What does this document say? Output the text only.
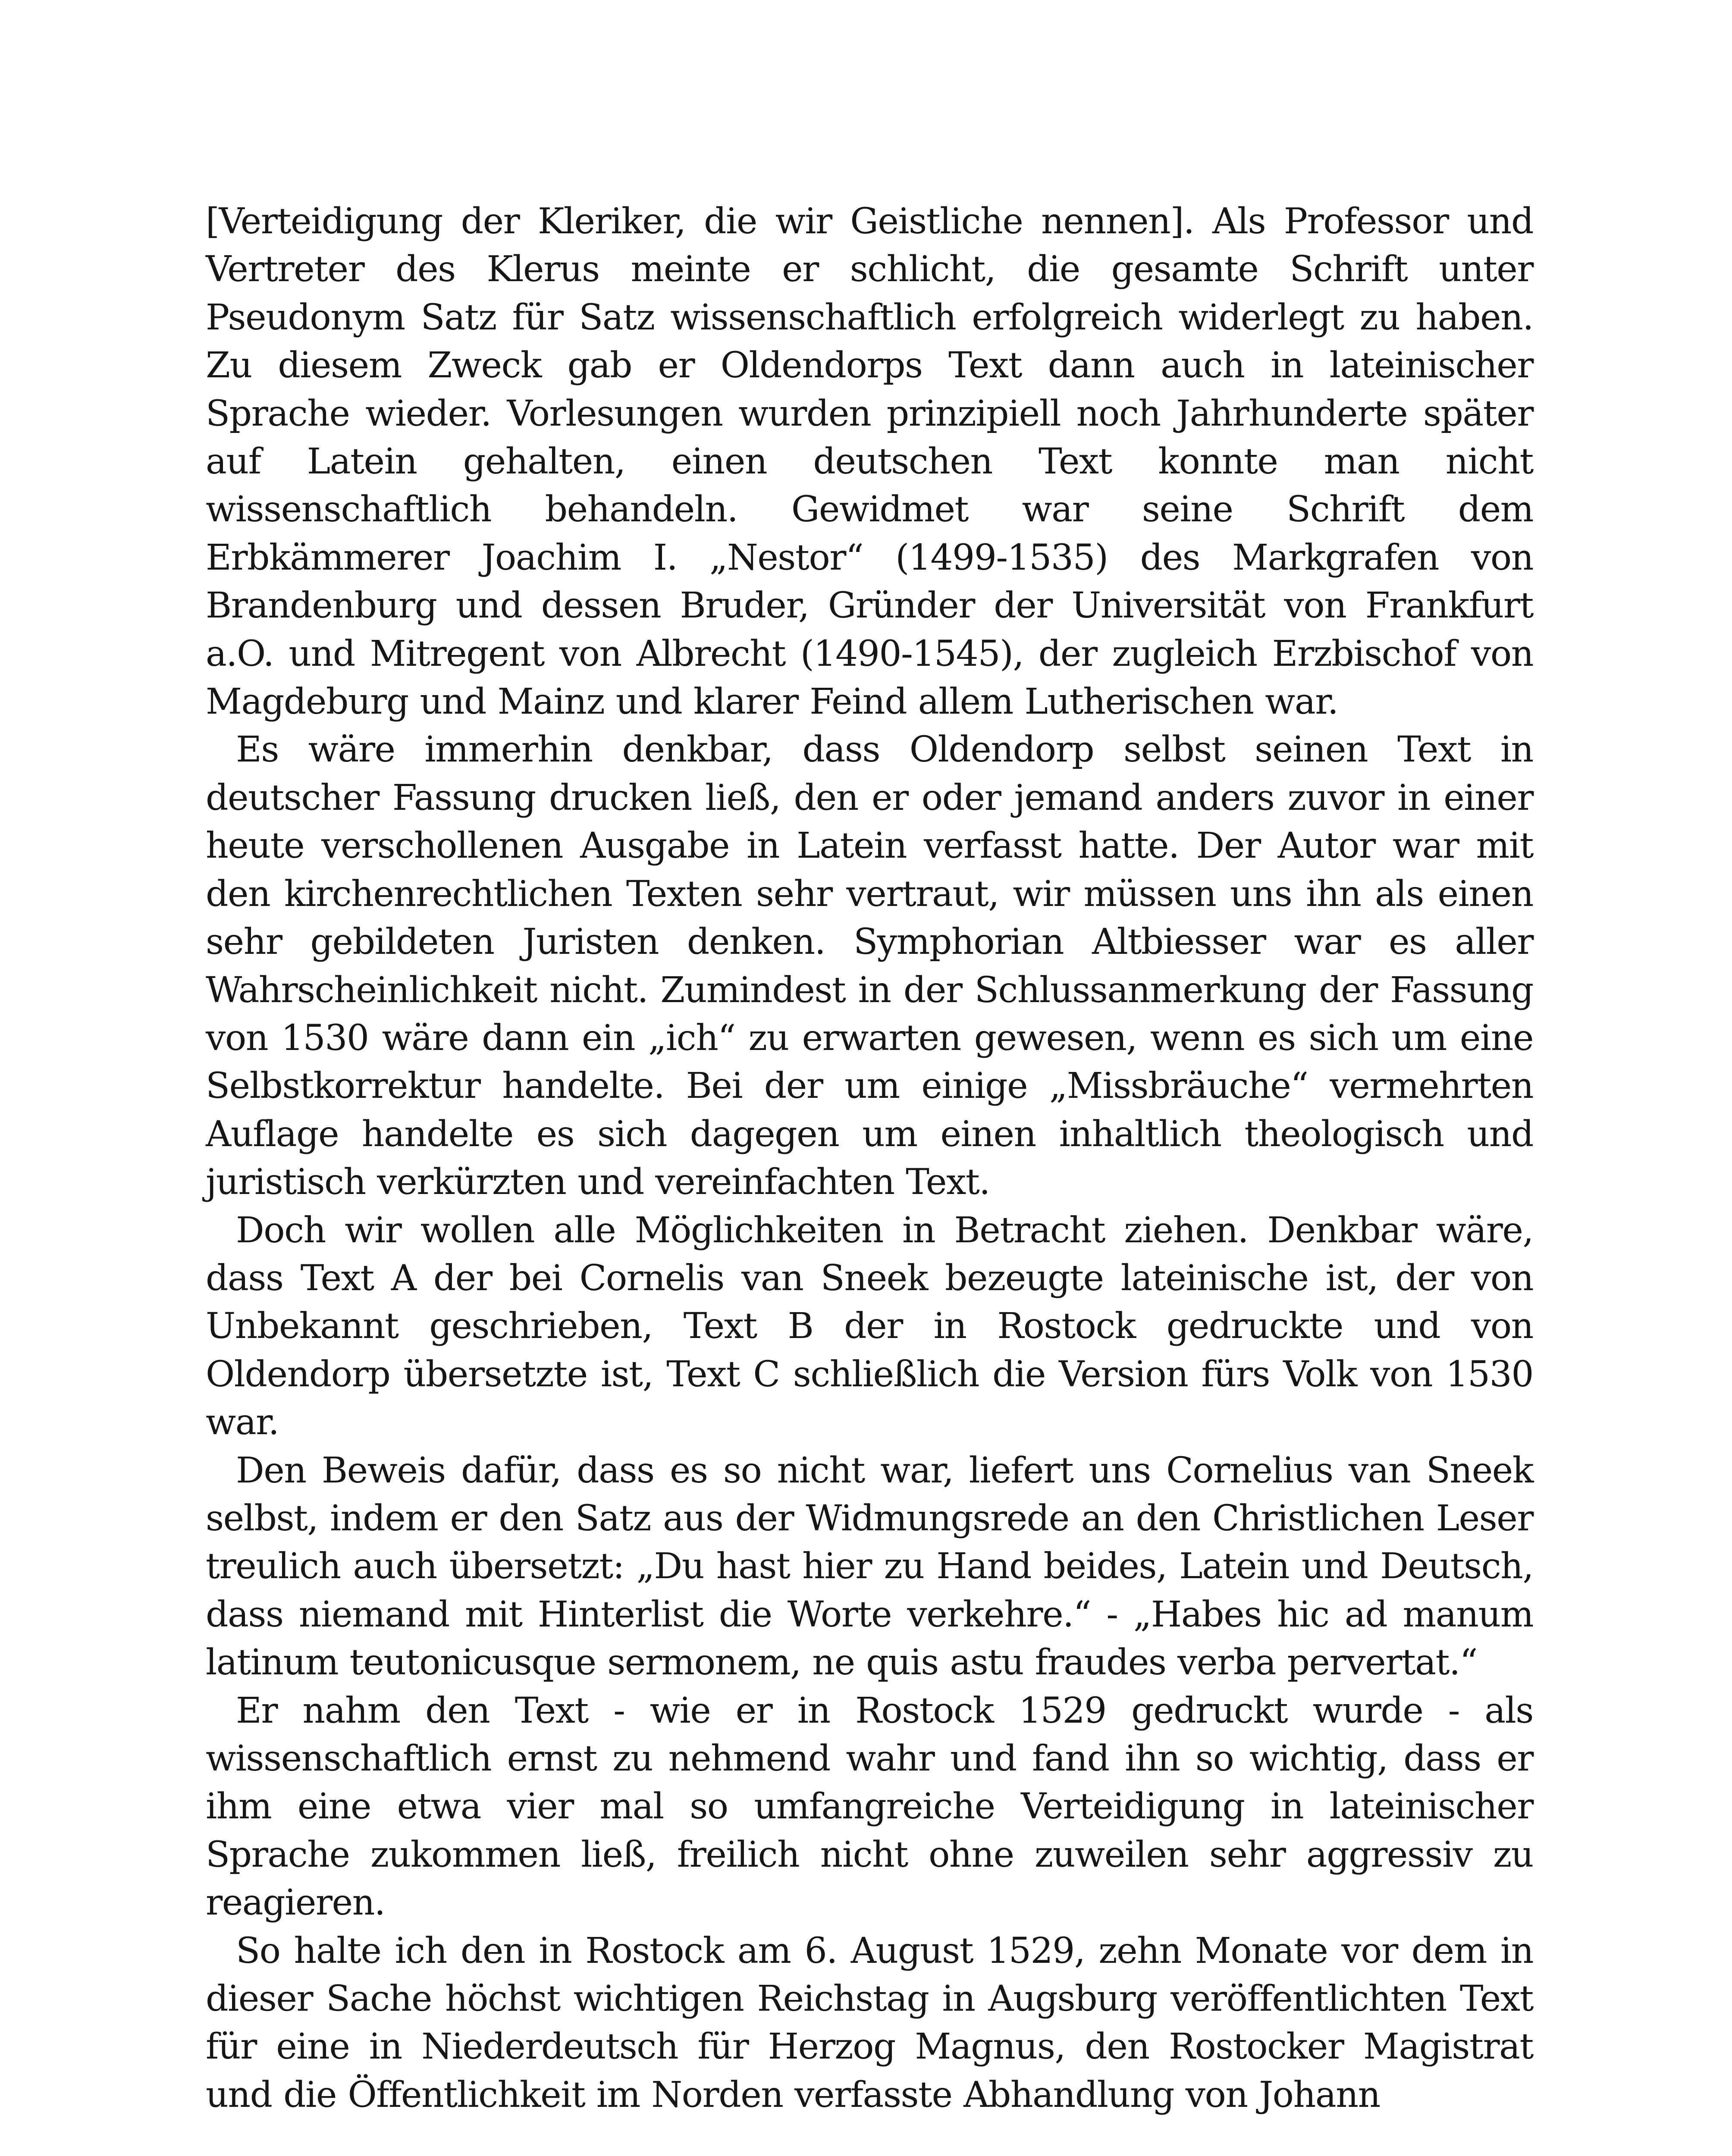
[Verteidigung der Kleriker, die wir Geistliche nennen]. Als Professor und Vertreter des Klerus meinte er schlicht, die gesamte Schrift unter Pseudonym Satz für Satz wissenschaftlich erfolgreich widerlegt zu haben. Zu diesem Zweck gab er Oldendorps Text dann auch in lateinischer Sprache wieder. Vorlesungen wurden prinzipiell noch Jahrhunderte später auf Latein gehalten, einen deutschen Text konnte man nicht wissenschaftlich behandeln. Gewidmet war seine Schrift dem Erbkämmerer Joachim I. „Nestor“ (1499-1535) des Markgrafen von Brandenburg und dessen Bruder, Gründer der Universität von Frankfurt a.O. und Mitregent von Albrecht (1490-1545), der zugleich Erzbischof von Magdeburg und Mainz und klarer Feind allem Lutherischen war.

Es wäre immerhin denkbar, dass Oldendorp selbst seinen Text in deutscher Fassung drucken ließ, den er oder jemand anders zuvor in einer heute verschollenen Ausgabe in Latein verfasst hatte. Der Autor war mit den kirchenrechtlichen Texten sehr vertraut, wir müssen uns ihn als einen sehr gebildeten Juristen denken. Symphorian Altbiesser war es aller Wahrscheinlichkeit nicht. Zumindest in der Schlussanmerkung der Fassung von 1530 wäre dann ein „ich“ zu erwarten gewesen, wenn es sich um eine Selbstkorrektur handelte. Bei der um einige „Missbräuche“ vermehrten Auflage handelte es sich dagegen um einen inhaltlich theologisch und juristisch verkürzten und vereinfachten Text.

Doch wir wollen alle Möglichkeiten in Betracht ziehen. Denkbar wäre, dass Text A der bei Cornelis van Sneek bezeugte lateinische ist, der von Unbekannt geschrieben, Text B der in Rostock gedruckte und von Oldendorp übersetzte ist, Text C schließlich die Version fürs Volk von 1530 war.

Den Beweis dafür, dass es so nicht war, liefert uns Cornelius van Sneek selbst, indem er den Satz aus der Widmungsrede an den Christlichen Leser treulich auch übersetzt: „Du hast hier zu Hand beides, Latein und Deutsch, dass niemand mit Hinterlist die Worte verkehre.“ - „Habes hic ad manum latinum teutonicusque sermonem, ne quis astu fraudes verba pervertat.“

Er nahm den Text - wie er in Rostock 1529 gedruckt wurde - als wissenschaftlich ernst zu nehmend wahr und fand ihn so wichtig, dass er ihm eine etwa vier mal so umfangreiche Verteidigung in lateinischer Sprache zukommen ließ, freilich nicht ohne zuweilen sehr aggressiv zu reagieren.

So halte ich den in Rostock am 6. August 1529, zehn Monate vor dem in dieser Sache höchst wichtigen Reichstag in Augsburg veröffentlichten Text für eine in Niederdeutsch für Herzog Magnus, den Rostocker Magistrat und die Öffentlichkeit im Norden verfasste Abhandlung von Johann
